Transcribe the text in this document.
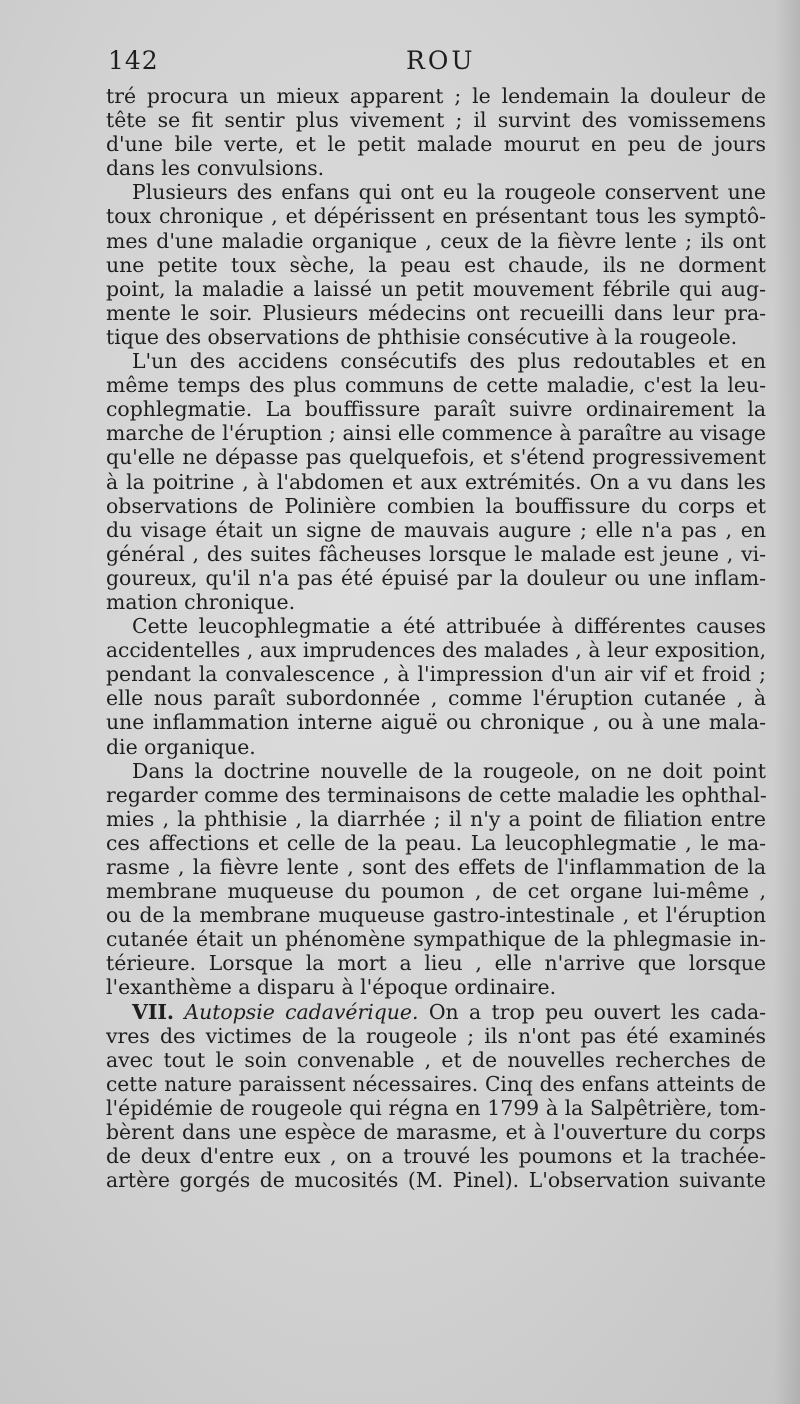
142	ROU
tré procura un mieux apparent ; le lendemain la douleur de
tête se fit sentir plus vivement ; il survint des vomissemens
d'une bile verte, et le petit malade mourut en peu de jours
dans les convulsions.
Plusieurs des enfans qui ont eu la rougeole conservent une
toux chronique , et dépérissent en présentant tous les symptô-
mes d'une maladie organique , ceux de la fièvre lente ; ils ont
une petite toux sèche, la peau est chaude, ils ne dorment
point, la maladie a laissé un petit mouvement fébrile qui aug-
mente le soir. Plusieurs médecins ont recueilli dans leur pra-
tique des observations de phthisie consécutive à la rougeole.
L'un des accidens consécutifs des plus redoutables et en
même temps des plus communs de cette maladie, c'est la leu-
cophlegmatie. La bouffissure paraît suivre ordinairement la
marche de l'éruption ; ainsi elle commence à paraître au visage
qu'elle ne dépasse pas quelquefois, et s'étend progressivement
à la poitrine , à l'abdomen et aux extrémités. On a vu dans les
observations de Polinière combien la bouffissure du corps et
du visage était un signe de mauvais augure ; elle n'a pas , en
général , des suites fâcheuses lorsque le malade est jeune , vi-
goureux, qu'il n'a pas été épuisé par la douleur ou une inflam-
mation chronique.
Cette leucophlegmatie a été attribuée à différentes causes
accidentelles , aux imprudences des malades , à leur exposition,
pendant la convalescence , à l'impression d'un air vif et froid ;
elle nous paraît subordonnée , comme l'éruption cutanée , à
une inflammation interne aiguë ou chronique , ou à une mala-
die organique.
Dans la doctrine nouvelle de la rougeole, on ne doit point
regarder comme des terminaisons de cette maladie les ophthal-
mies , la phthisie , la diarrhée ; il n'y a point de filiation entre
ces affections et celle de la peau. La leucophlegmatie , le ma-
rasme , la fièvre lente , sont des effets de l'inflammation de la
membrane muqueuse du poumon , de cet organe lui-même ,
ou de la membrane muqueuse gastro-intestinale , et l'éruption
cutanée était un phénomène sympathique de la phlegmasie in-
térieure. Lorsque la mort a lieu , elle n'arrive que lorsque
l'exanthème a disparu à l'époque ordinaire.
VII. Autopsie cadavérique. On a trop peu ouvert les cada-
vres des victimes de la rougeole ; ils n'ont pas été examinés
avec tout le soin convenable , et de nouvelles recherches de
cette nature paraissent nécessaires. Cinq des enfans atteints de
l'épidémie de rougeole qui régna en 1799 à la Salpêtrière, tom-
bèrent dans une espèce de marasme, et à l'ouverture du corps
de deux d'entre eux , on a trouvé les poumons et la trachée-
artère gorgés de mucosités (M. Pinel). L'observation suivante
